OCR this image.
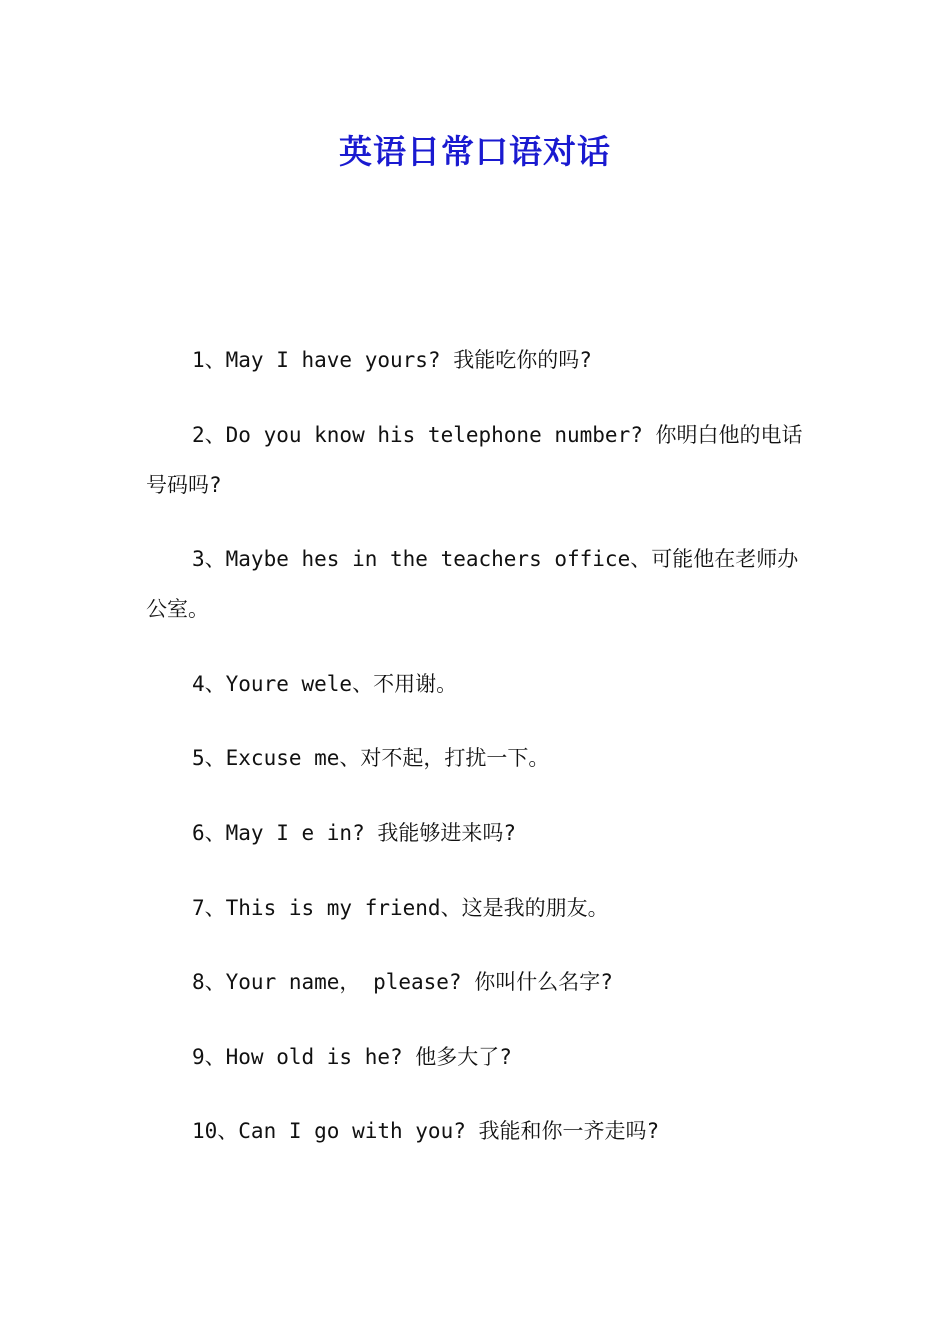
英语日常口语对话

1、May I have yours? 我能吃你的吗?

2、Do you know his telephone number? 你明白他的电话号码吗?

3、Maybe hes in the teachers office、可能他在老师办公室。

4、Youre wele、不用谢。

5、Excuse me、对不起，打扰一下。

6、May I e in? 我能够进来吗?

7、This is my friend、这是我的朋友。

8、Your name， please? 你叫什么名字?

9、How old is he? 他多大了?

10、Can I go with you? 我能和你一齐走吗?
